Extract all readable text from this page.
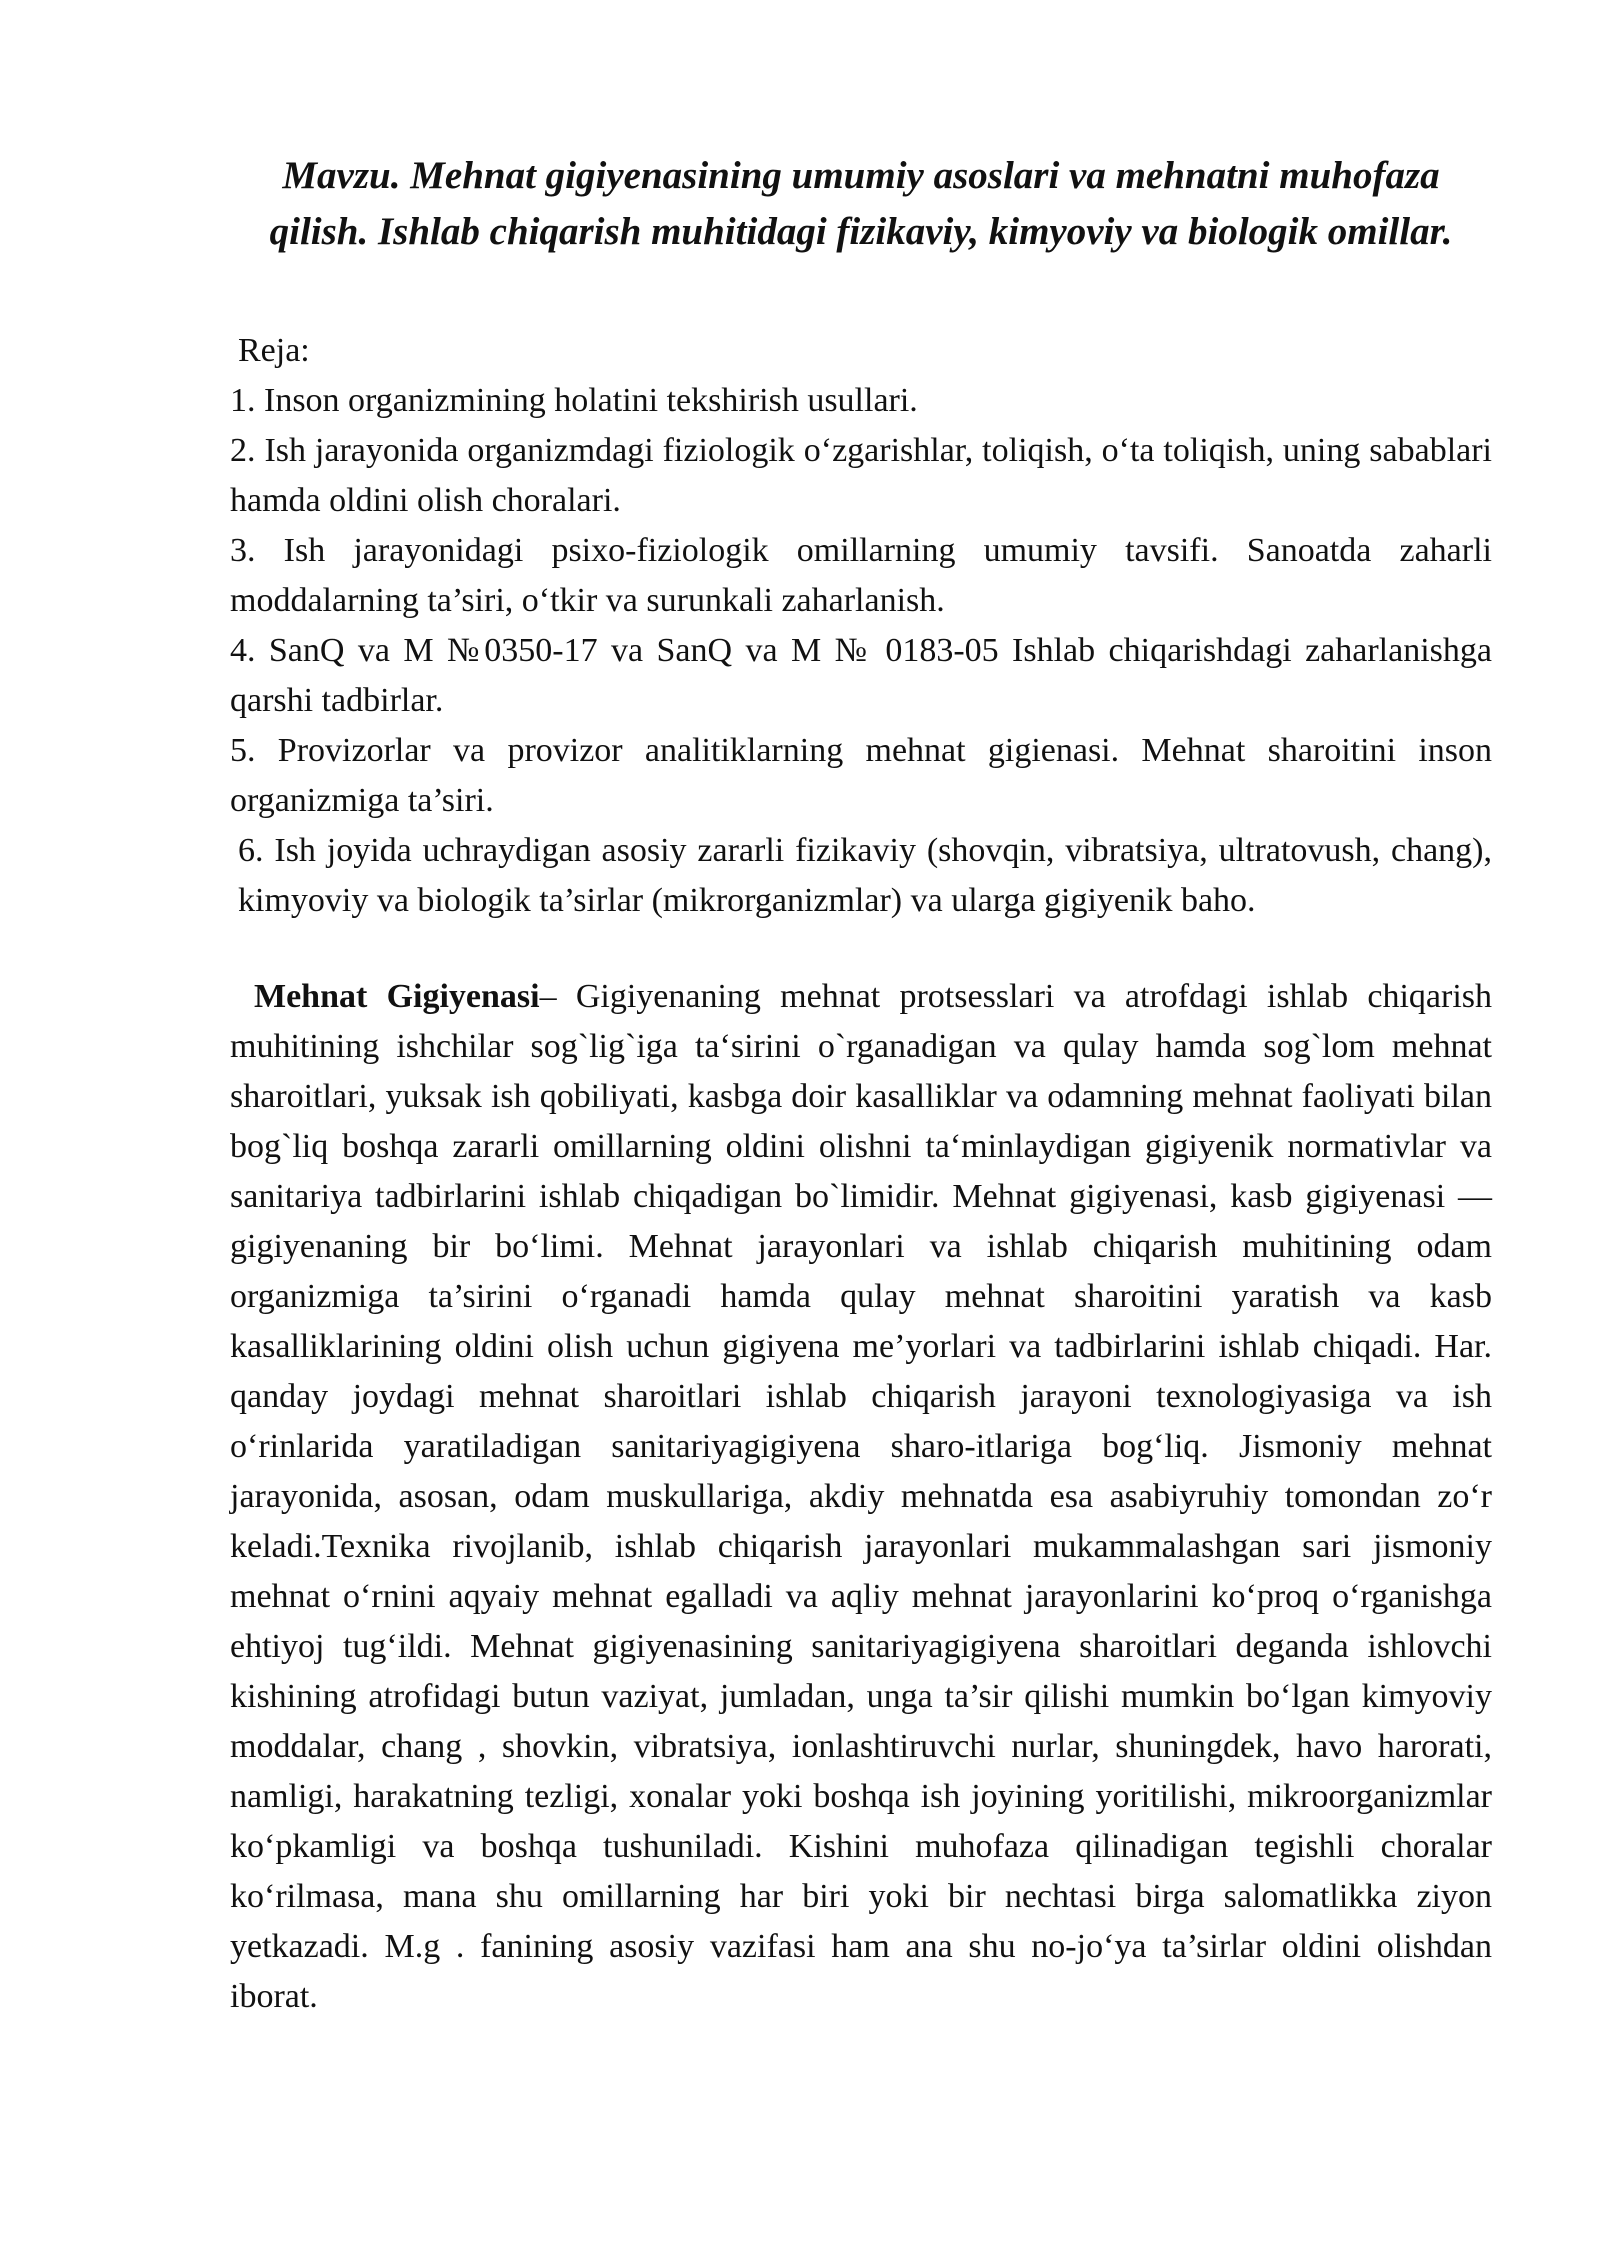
Mavzu. Mehnat gigiyenasining umumiy asoslari va mehnatni muhofaza qilish. Ishlab chiqarish muhitidagi fizikaviy, kimyoviy va biologik omillar.

Reja:

1. Inson organizmining holatini tekshirish usullari.
2. Ish jarayonida organizmdagi fiziologik o‘zgarishlar, toliqish, o‘ta toliqish, uning sabablari hamda oldini olish choralari.
3. Ish jarayonidagi psixo-fiziologik omillarning umumiy tavsifi. Sanoatda zaharli moddalarning ta’siri, o‘tkir va surunkali zaharlanish.
4. SanQ va M №0350-17 va SanQ va M № 0183-05 Ishlab chiqarishdagi zaharlanishga qarshi tadbirlar.
5. Provizorlar va provizor analitiklarning mehnat gigienasi. Mehnat sharoitini inson organizmiga ta’siri.
6. Ish joyida uchraydigan asosiy zararli fizikaviy (shovqin, vibratsiya, ultratovush, chang), kimyoviy va biologik ta’sirlar (mikrorganizmlar) va ularga gigiyenik baho.

Mehnat Gigiyenasi– Gigiyenaning mehnat protsesslari va atrofdagi ishlab chiqarish muhitining ishchilar sog`lig`iga ta‘sirini o`rganadigan va qulay hamda sog`lom mehnat sharoitlari, yuksak ish qobiliyati, kasbga doir kasalliklar va odamning mehnat faoliyati bilan bog`liq boshqa zararli omillarning oldini olishni ta‘minlaydigan gigiyenik normativlar va sanitariya tadbirlarini ishlab chiqadigan bo`limidir. Mehnat gigiyenasi, kasb gigiyenasi — gigiyenaning bir bo‘limi. Mehnat jarayonlari va ishlab chiqarish muhitining odam organizmiga ta’sirini o‘rganadi hamda qulay mehnat sharoitini yaratish va kasb kasalliklarining oldini olish uchun gigiyena me’yorlari va tadbirlarini ishlab chiqadi. Har. qanday joydagi mehnat sharoitlari ishlab chiqarish jarayoni texnologiyasiga va ish o‘rinlarida yaratiladigan sanitariyagigiyena sharo-itlariga bog‘liq. Jismoniy mehnat jarayonida, asosan, odam muskullariga, akdiy mehnatda esa asabiyruhiy tomondan zo‘r keladi.Texnika rivojlanib, ishlab chiqarish jarayonlari mukammalashgan sari jismoniy mehnat o‘rnini aqyaiy mehnat egalladi va aqliy mehnat jarayonlarini ko‘proq o‘rganishga ehtiyoj tug‘ildi. Mehnat gigiyenasining sanitariyagigiyena sharoitlari deganda ishlovchi kishining atrofidagi butun vaziyat, jumladan, unga ta’sir qilishi mumkin bo‘lgan kimyoviy moddalar, chang , shovkin, vibratsiya, ionlashtiruvchi nurlar, shuningdek, havo harorati, namligi, harakatning tezligi, xonalar yoki boshqa ish joyining yoritilishi, mikroorganizmlar ko‘pkamligi va boshqa tushuniladi. Kishini muhofaza qilinadigan tegishli choralar ko‘rilmasa, mana shu omillarning har biri yoki bir nechtasi birga salomatlikka ziyon yetkazadi. M.g . fanining asosiy vazifasi ham ana shu no-jo‘ya ta’sirlar oldini olishdan iborat.
